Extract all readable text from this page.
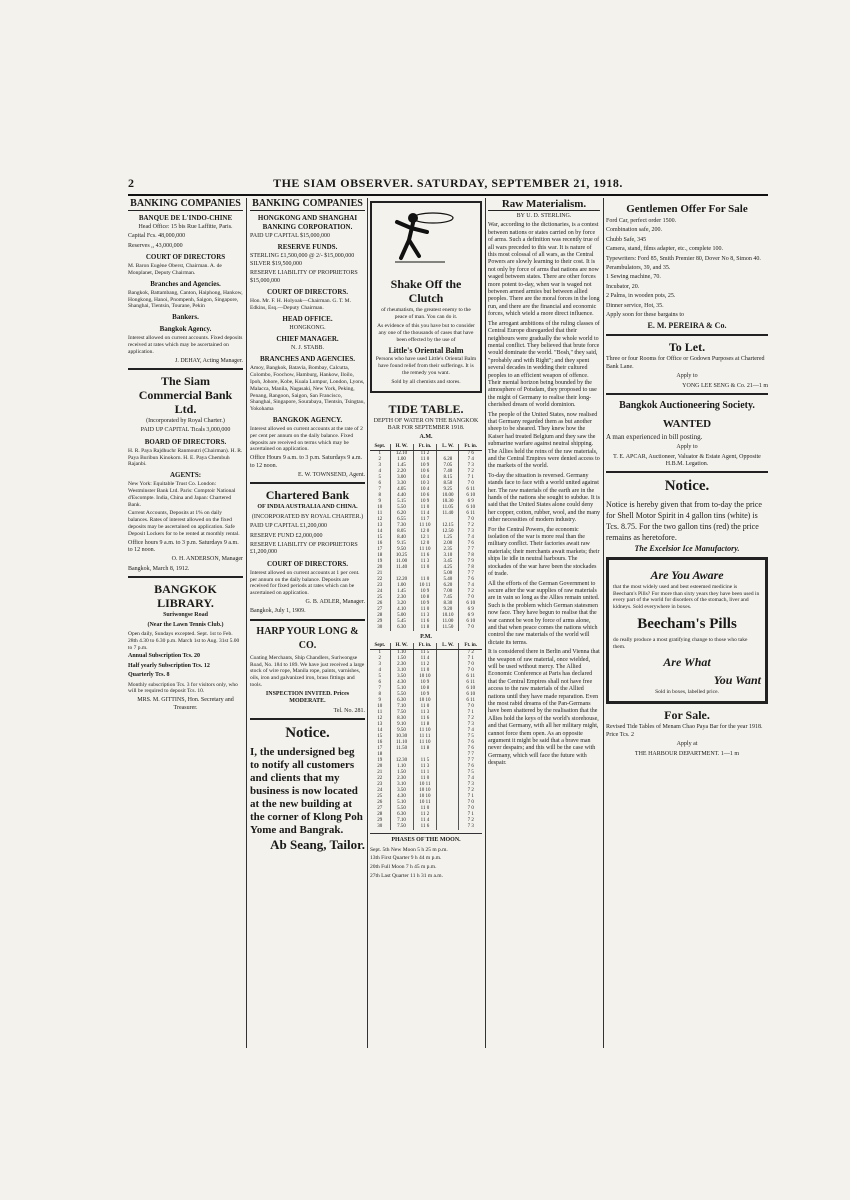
2	THE SIAM OBSERVER. SATURDAY, SEPTEMBER 21, 1918.
BANKING COMPANIES
BANQUE DE L'INDO-CHINE

Head Office: 15 bis Rue Laffitte, Paris.

Capital Fcs. 48,000,000

Reserves ,, 43,000,000

COURT OF DIRECTORS

M. Baron Eugène Oberst, Chairman. A. de Monplanet, Deputy Chairman.

Branches and Agencies.

Bangkok, Battambang, Canton, Haiphong, Hankow, Hongkong, Hanoi, Pnompenh, Saigon, Singapore, Shanghai, Tientsin, Tourane, Pekin

Bankers.
Bangkok Agency.

Interest allowed on current accounts. Fixed deposits received at rates which may be ascertained on application.

J. DEHAY, Acting Manager.

The Siam Commercial Bank Ltd.

(Incorporated by Royal Charter.)

PAID UP CAPITAL Ticals 3,000,000

BOARD OF DIRECTORS.

H. R. Paya Rajdhuchr Ranmoutri (Chairman). H. R. Paya Buribun Kinokorn. H. E. Paya Chembuh Rajanbi.

AGENTS:

New York: Equitable Trust Co. London: Westminster Bank Ltd. Paris: Comptoir National d'Escompte. India, China and Japan: Chartered Bank.

Current Accounts, Deposits at 1% on daily balances. Rates of interest allowed on the fixed deposits may be ascertained on application. Safe Deposit Lockers for to be rented at monthly rental.

Office hours 9 a.m. to 3 p.m. Saturdays 9 a.m. to 12 noon.

O. H. ANDERSON, Manager

Bangkok, March 8, 1912.

BANGKOK LIBRARY.

Suriwongse Road

(Near the Lawn Tennis Club.)

Open daily, Sundays excepted. Sept. 1st to Feb. 28th 4.30 to 6.30 p.m. March 1st to Aug. 31st 5.00 to 7 p.m.

Annual Subscription Tcs. 20

Half yearly Subscription Tcs. 12

Quarterly Tcs. 8

Monthly subscription Tcs. 3 for visitors only, who will be required to deposit Tcs. 10.

MRS. M. GITTINS, Hon. Secretary and Treasurer.

BANKING COMPANIES
HONGKONG AND SHANGHAI BANKING CORPORATION.

PAID UP CAPITAL $15,000,000

RESERVE FUNDS.

STERLING £1,500,000 @ 2/- $15,000,000 SILVER $19,500,000

RESERVE LIABILITY OF PROPRIETORS $15,000,000

COURT OF DIRECTORS.

Hon. Mr. F. H. Holyoak—Chairman. G. T. M. Edkins, Esq.—Deputy Chairman.

HEAD OFFICE.

HONGKONG.

CHIEF MANAGER.

N. J. STABB.

BRANCHES AND AGENCIES.

Amoy, Bangkok, Batavia, Bombay, Calcutta, Colombo, Foochow, Hamburg, Hankow, Iloilo, Ipoh, Johore, Kobe, Kuala Lumpur, London, Lyons, Malacca, Manila, Nagasaki, New York, Peking, Penang, Rangoon, Saigon, San Francisco, Shanghai, Singapore, Sourabaya, Tientsin, Tsingtau, Yokohama

BANGKOK AGENCY.

Interest allowed on current accounts at the rate of 2 per cent per annum on the daily balance. Fixed deposits are received on terms which may be ascertained on application.

Office Hours 9 a.m. to 3 p.m. Saturdays 9 a.m. to 12 noon.

E. W. TOWNSEND, Agent.

Chartered Bank

OF INDIA AUSTRALIA AND CHINA.

(INCORPORATED BY ROYAL CHARTER.)

PAID UP CAPITAL £1,200,000

RESERVE FUND £2,000,000

RESERVE LIABILITY OF PROPRIETORS £1,200,000

COURT OF DIRECTORS.

Interest allowed on current accounts at 1 per cent. per annum on the daily balance. Deposits are received for fixed periods at rates which can be ascertained on application.

G. B. ADLER, Manager.

Bangkok, July 1, 1909.

HARP YOUR LONG & CO.

Coating Merchants, Ship Chandlers, Suriwongse Road, No. 184 to 189. We have just received a large stock of wire rope, Manila rope, paints, varnishes, oils, iron and galvanized iron, brass fittings and tools.

INSPECTION INVITED. Prices MODERATE.

Tel. No. 281.

Notice.

I, the undersigned beg to notify all customers and clients that my business is now located at the new building at the corner of Klong Poh Yome and Bangrak.

Ab Seang, Tailor.
Shake Off the Clutch

of rheumatism, the greatest enemy to the peace of man. You can do it.

As evidence of this you have but to consider any one of the thousands of cases that have been effected by the use of

Little's Oriental Balm

Persons who have used Little's Oriental Balm have found relief from their sufferings. It is the remedy you want.

Sold by all chemists and stores.

TIDE TABLE.

DEPTH OF WATER ON THE BANGKOK BAR FOR SEPTEMBER 1918.

A.M.

Sept.	H. W.	Ft. in.	L. W.	Ft. in.
1	12.10	11 2		7 6
2	1.00	11 0	6.28	7 4
3	1.45	10 9	7.05	7 3
4	2.20	10 6	7.40	7 2
5	3.00	10 4	8.15	7 1
6	3.30	10 3	8.50	7 0
7	4.05	10 4	9.25	6 11
8	4.40	10 6	10.00	6 10
9	5.15	10 9	10.30	6 9
10	5.50	11 0	11.05	6 10
11	6.20	11 4	11.40	6 11
12	6.55	11 7		7 0
13	7.30	11 10	12.15	7 2
14	8.05	12 0	12.50	7 3
15	8.40	12 1	1.25	7 4
16	9.15	12 0	2.00	7 6
17	9.50	11 10	2.35	7 7
18	10.25	11 6	3.10	7 8
19	11.00	11 3	3.45	7 9
20	11.40	11 0	4.25	7 8
21			5.00	7 7
22	12.20	11 0	5.40	7 6
23	1.00	10 11	6.20	7 4
24	1.45	10 9	7.00	7 2
25	2.30	10 8	7.45	7 0
26	3.20	10 9	8.30	6 10
27	4.10	11 0	9.20	6 9
28	5.00	11 3	10.10	6 9
29	5.45	11 6	11.00	6 10
30	6.30	11 8	11.50	7 0

P.M.

Sept.	H. W.	Ft. in.	L. W.	Ft. in.
1	1.10	11 5		7 2
2	1.50	11 4		7 1
3	2.30	11 2		7 0
4	3.10	11 0		7 0
5	3.50	10 10		6 11
6	4.30	10 9		6 11
7	5.10	10 8		6 10
8	5.50	10 9		6 10
9	6.30	10 10		6 11
10	7.10	11 0		7 0
11	7.50	11 3		7 1
12	8.30	11 6		7 2
13	9.10	11 8		7 3
14	9.50	11 10		7 4
15	10.30	11 11		7 5
16	11.10	11 10		7 6
17	11.50	11 8		7 6
18				7 7
19	12.30	11 5		7 7
20	1.10	11 3		7 6
21	1.50	11 1		7 5
22	2.30	11 0		7 4
23	3.10	10 11		7 3
24	3.50	10 10		7 2
25	4.30	10 10		7 1
26	5.10	10 11		7 0
27	5.50	11 0		7 0
28	6.30	11 2		7 1
29	7.10	11 4		7 2
30	7.50	11 6		7 3

PHASES OF THE MOON.

Sept. 5th New Moon 5 h 25 m p.m.

13th First Quarter 9 h 44 m p.m.

20th Full Moon 7 h 45 m p.m.

27th Last Quarter 11 h 31 m a.m.

Raw Materialism.

BY U. D. STERLING.

War, according to the dictionaries, is a contest between nations or states carried on by force of arms. Such a definition was recently true of all wars preceded to this war. It is nature of this most colossal of all wars, as the Central Powers are slowly learning to their cost. It is not only by force of arms that nations are now waged between states. There are other forces more potent to-day, when war is waged not between armed armies but between allied peoples. There are the moral forces in the long run, and there are the financial and economic forces, which wield a more direct influence.

The arrogant ambitions of the ruling classes of Central Europe disregarded that their neighbours were gradually the whole world to mental conflict. They believed that brute force would dominate the world. "Bosh," they said, "probably and with Right"; and they spent several decades in wedding their cultured peoples to an efficient weapon of offence. Their mental horizon being bounded by the atmosphere of Potsdam, they proposed to use the might of Germany to realise their long-cherished dream of world dominion.

The people of the United States, now realised that Germany regarded them as but another sheep to be sheared. They knew how the Kaiser had treated Belgium and they saw the submarine warfare against neutral shipping. The Allies held the reins of the raw materials, and the Central Empires were denied access to the markets of the world.

To-day the situation is reversed. Germany stands face to face with a world united against her. The raw materials of the earth are in the hands of the nations she sought to subdue. It is said that the United States alone could deny her copper, cotton, rubber, wool, and the many other necessities of modern industry.

For the Central Powers, the economic isolation of the war is more real than the military conflict. Their factories await raw materials; their merchants await markets; their ships lie idle in neutral harbours. The stockades of the war have been the stockades of trade.

All the efforts of the German Government to secure after the war supplies of raw materials are in vain so long as the Allies remain united. Such is the problem which German statesmen now face. They have begun to realise that the war cannot be won by force of arms alone, and that when peace comes the nations which control the raw materials of the world will dictate its terms.

It is considered there in Berlin and Vienna that the weapon of raw material, once wielded, will be used without mercy. The Allied Economic Conference at Paris has declared that the Central Empires shall not have free access to the raw materials of the Allied nations until they have made reparation. Even the most rabid dreams of the Pan-Germans have been shattered by the realisation that the Allies hold the keys of the world's storehouse, and that Germany, with all her military might, cannot force them open. As an opposite argument it might be said that a brave man never despairs; and this will be the case with Germany, which will face the future with despair.

Gentlemen Offer For Sale

Ford Car, perfect order 1500.

Combination safe, 200.

Chubb Safe, 345

Camera, stand, films adapter, etc., complete 100.

Typewriters: Ford 85, Smith Premier 80, Dover No 8, Simon 40.

Perambulators, 39, and 35.

1 Sewing machine, 70.

Incubator, 20.

2 Palms, in wooden pots, 25.

Dinner service, Hot, 35.

Apply soon for these bargains to

E. M. PEREIRA & Co.

To Let.

Three or four Rooms for Office or Godown Purposes at Chartered Bank Lane.

Apply to

YONG LEE SENG & Co. 21—1 m

Bangkok Auctioneering Society.
WANTED

A man experienced in bill posting.

Apply to

T. E. APCAR, Auctioneer, Valuator & Estate Agent, Opposite H.B.M. Legation.

Notice.

Notice is hereby given that from to-day the price for Shell Motor Spirit in 4 gallon tins (white) is Tcs. 8.75. For the two gallon tins (red) the price remains as heretofore.

The Excelsior Ice Manufactory.

Are You Aware

that the most widely used and best esteemed medicine is Beecham's Pills? For more than sixty years they have been used in every part of the world for disorders of the stomach, liver and kidneys. Sold everywhere in boxes.

Beecham's Pills

do really produce a most gratifying change to those who take them.

Are What
You Want

Sold in boxes, labelled price.

For Sale.

Revised Tide Tables of Menam Chao Paya Bar for the year 1918. Price Tcs. 2

Apply at

THE HARBOUR DEPARTMENT. 1—1 m
